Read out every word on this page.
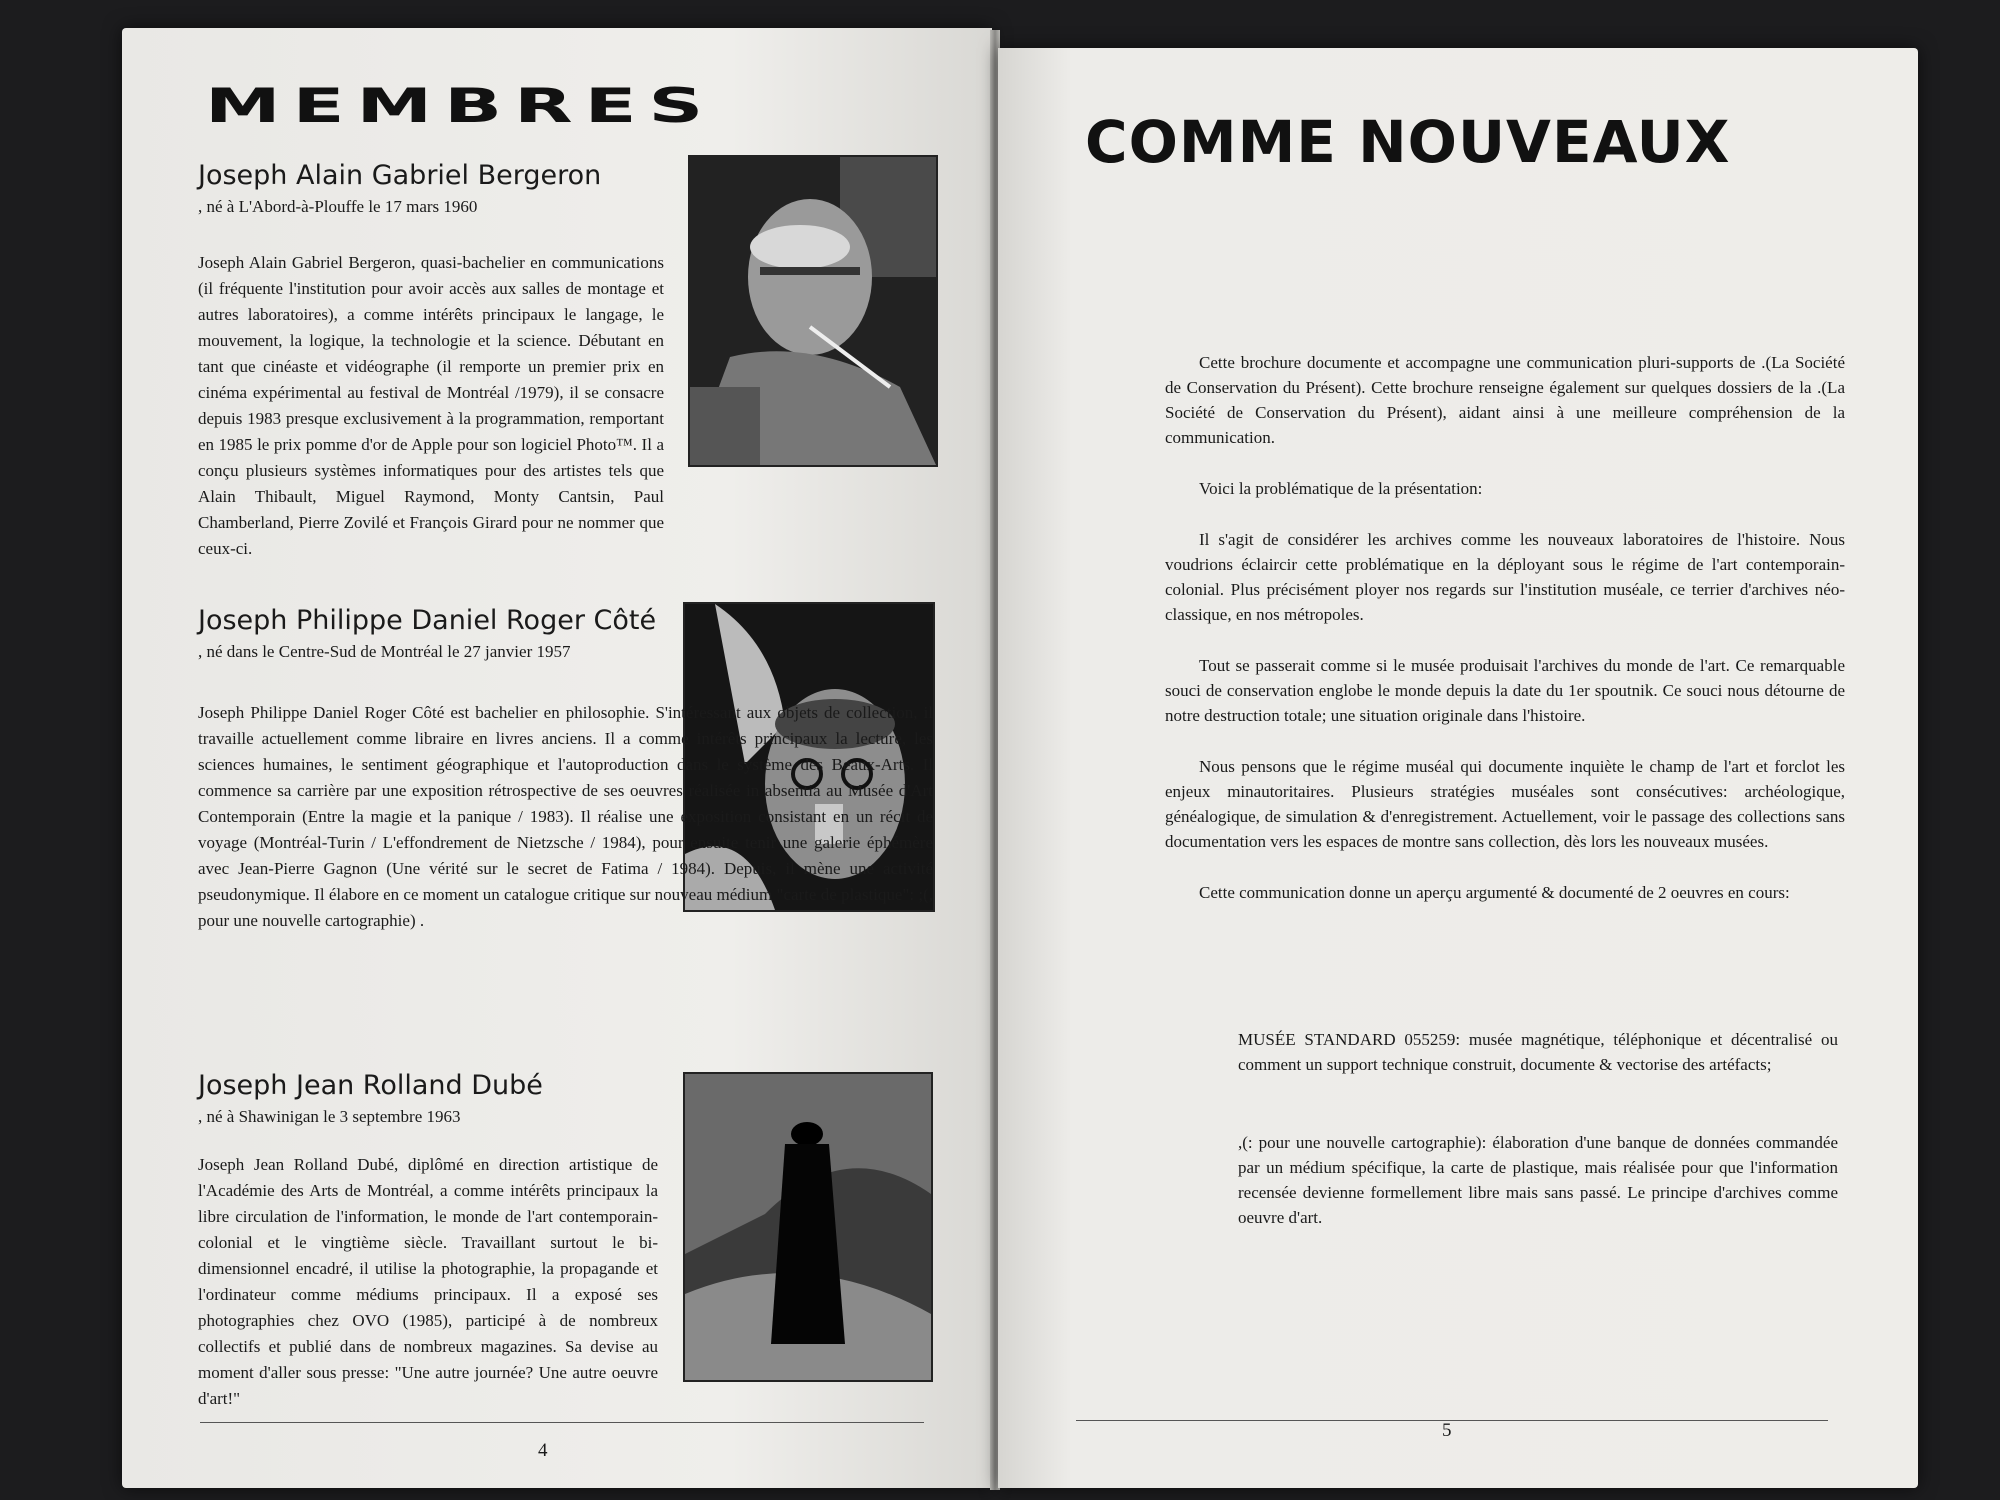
MEMBRES

Joseph Alain Gabriel Bergeron

, né à L'Abord-à-Plouffe le 17 mars 1960

Joseph Alain Gabriel Bergeron, quasi-bachelier en communications (il fréquente l'institution pour avoir accès aux salles de montage et autres laboratoires), a comme intérêts principaux le langage, le mouvement, la logique, la technologie et la science. Débutant en tant que cinéaste et vidéographe (il remporte un premier prix en cinéma expérimental au festival de Montréal /1979), il se consacre depuis 1983 presque exclusivement à la programmation, remportant en 1985 le prix pomme d'or de Apple pour son logiciel Photo™. Il a conçu plusieurs systèmes informatiques pour des artistes tels que Alain Thibault, Miguel Raymond, Monty Cantsin, Paul Chamberland, Pierre Zovilé et François Girard pour ne nommer que ceux-ci.

Joseph Philippe Daniel Roger Côté

, né dans le Centre-Sud de Montréal le 27 janvier 1957

Joseph Philippe Daniel Roger Côté est bachelier en philosophie. S'intéressant aux objets de collection, il travaille actuellement comme libraire en livres anciens. Il a comme intérêts principaux la lecture, les sciences humaines, le sentiment géographique et l'autoproduction dans le système des Beaux-Arts. Il commence sa carrière par une exposition rétrospective de ses oeuvres réalisée in absentia au Musée d'Art Contemporain (Entre la magie et la panique / 1983). Il réalise une exposition consistant en un récit de voyage (Montréal-Turin / L'effondrement de Nietzsche / 1984), pour ensuite tenir une galerie éphémère avec Jean-Pierre Gagnon (Une vérité sur le secret de Fatima / 1984). Depuis, il mène une activité pseudonymique. Il élabore en ce moment un catalogue critique sur nouveau médium "carte de plastique": ;(, pour une nouvelle cartographie) .

Joseph Jean Rolland Dubé

, né à Shawinigan le 3 septembre 1963

Joseph Jean Rolland Dubé, diplômé en direction artistique de l'Académie des Arts de Montréal, a comme intérêts principaux la libre circulation de l'information, le monde de l'art contemporain-colonial et le vingtième siècle. Travaillant surtout le bi-dimensionnel encadré, il utilise la photographie, la propagande et l'ordinateur comme médiums principaux. Il a exposé ses photographies chez OVO (1985), participé à de nombreux collectifs et publié dans de nombreux magazines. Sa devise au moment d'aller sous presse: "Une autre journée? Une autre oeuvre d'art!"

4
COMME NOUVEAUX

Cette brochure documente et accompagne une communication pluri-supports de .(La Société de Conservation du Présent). Cette brochure renseigne également sur quelques dossiers de la .(La Société de Conservation du Présent), aidant ainsi à une meilleure compréhension de la communication.

Voici la problématique de la présentation:

Il s'agit de considérer les archives comme les nouveaux laboratoires de l'histoire. Nous voudrions éclaircir cette problématique en la déployant sous le régime de l'art contemporain-colonial. Plus précisément ployer nos regards sur l'institution muséale, ce terrier d'archives néo-classique, en nos métropoles.

Tout se passerait comme si le musée produisait l'archives du monde de l'art. Ce remarquable souci de conservation englobe le monde depuis la date du 1er spoutnik. Ce souci nous détourne de notre destruction totale; une situation originale dans l'histoire.

Nous pensons que le régime muséal qui documente inquiète le champ de l'art et forclot les enjeux minautoritaires. Plusieurs stratégies muséales sont consécutives: archéologique, généalogique, de simulation & d'enregistrement. Actuellement, voir le passage des collections sans documentation vers les espaces de montre sans collection, dès lors les nouveaux musées.

Cette communication donne un aperçu argumenté & documenté de 2 oeuvres en cours:

MUSÉE STANDARD 055259: musée magnétique, téléphonique et décentralisé ou comment un support technique construit, documente & vectorise des artéfacts;

,(: pour une nouvelle cartographie): élaboration d'une banque de données commandée par un médium spécifique, la carte de plastique, mais réalisée pour que l'information recensée devienne formellement libre mais sans passé. Le principe d'archives comme oeuvre d'art.

5
